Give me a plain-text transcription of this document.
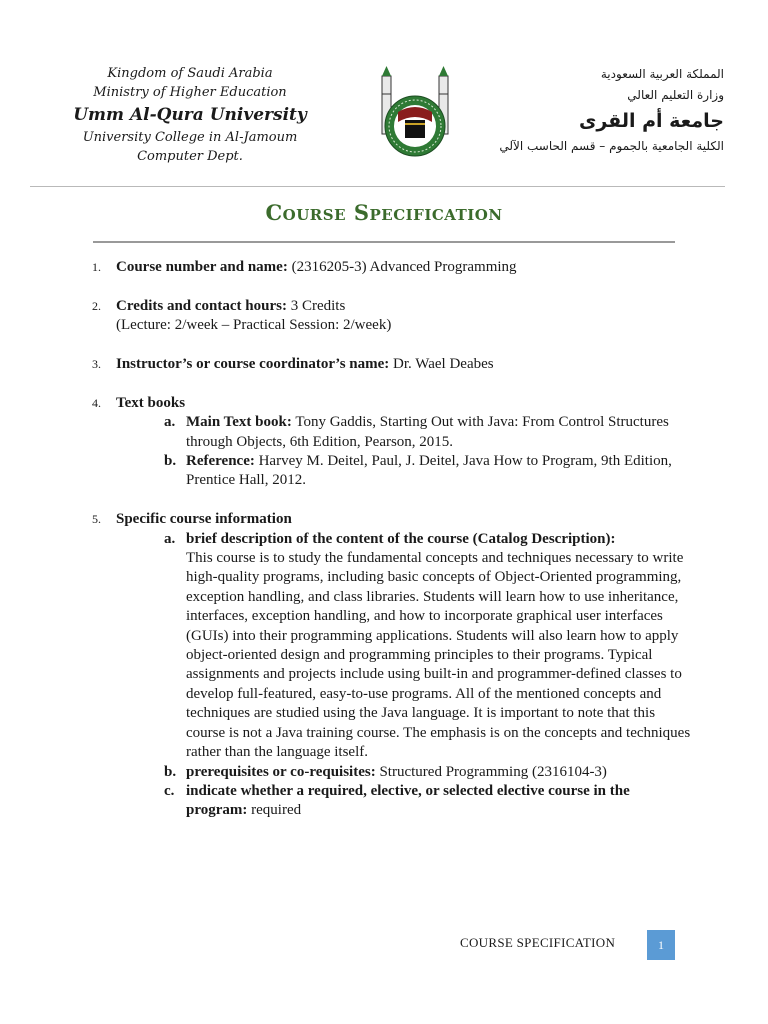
Kingdom of Saudi Arabia
Ministry of Higher Education
Umm Al-Qura University
University College in Al-Jamoum
Computer Dept.
المملكة العربية السعودية
وزارة التعليم العالي
جامعة أم القرى
الكلية الجامعية بالجموم – قسم الحاسب الآلي
Course Specification
1. Course number and name: (2316205-3) Advanced Programming
2. Credits and contact hours: 3 Credits
(Lecture: 2/week – Practical Session: 2/week)
3. Instructor’s or course coordinator’s name: Dr. Wael Deabes
4. Text books
a. Main Text book: Tony Gaddis, Starting Out with Java: From Control Structures through Objects, 6th Edition, Pearson, 2015.
b. Reference: Harvey M. Deitel, Paul, J. Deitel, Java How to Program, 9th Edition, Prentice Hall, 2012.
5. Specific course information
a. brief description of the content of the course (Catalog Description):
This course is to study the fundamental concepts and techniques necessary to write high-quality programs, including basic concepts of Object-Oriented programming, exception handling, and class libraries. Students will learn how to use inheritance, interfaces, exception handling, and how to incorporate graphical user interfaces (GUIs) into their programming applications. Students will also learn how to apply object-oriented design and programming principles to their programs. Typical assignments and projects include using built-in and programmer-defined classes to develop full-featured, easy-to-use programs. All of the mentioned concepts and techniques are studied using the Java language. It is important to note that this course is not a Java training course. The emphasis is on the concepts and techniques rather than the language itself.
b. prerequisites or co-requisites: Structured Programming (2316104-3)
c. indicate whether a required, elective, or selected elective course in the program: required
COURSE SPECIFICATION	1
